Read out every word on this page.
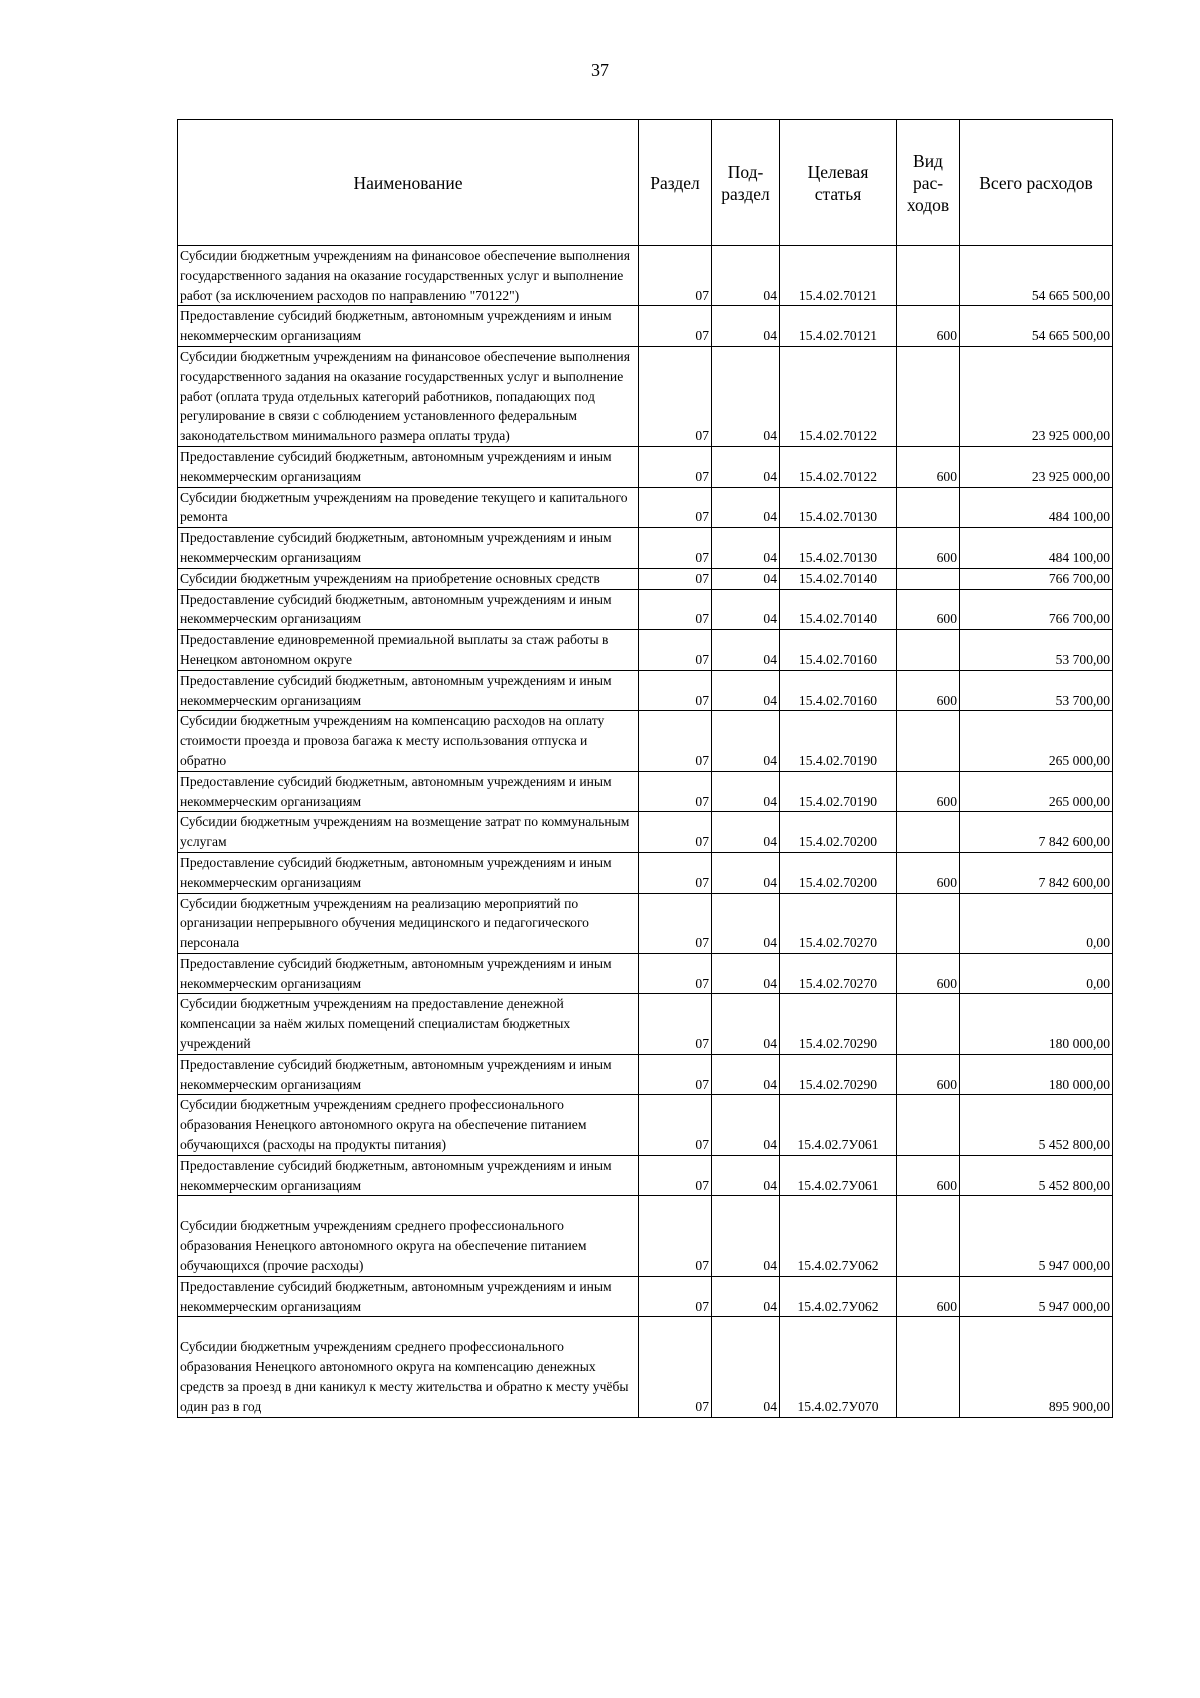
37
Наименование	Раздел	Под-раздел	Целевая статья	Вид рас-ходов	Всего расходов
Субсидии бюджетным учреждениям на финансовое обеспечение выполнения государственного задания на оказание государственных услуг и выполнение работ (за исключением расходов по направлению "70122")	07	04	15.4.02.70121		54 665 500,00
Предоставление субсидий бюджетным, автономным учреждениям и иным некоммерческим организациям	07	04	15.4.02.70121	600	54 665 500,00
Субсидии бюджетным учреждениям на финансовое обеспечение выполнения государственного задания на оказание государственных услуг и выполнение работ (оплата труда отдельных категорий работников, попадающих под регулирование в связи с соблюдением установленного федеральным законодательством минимального размера оплаты труда)	07	04	15.4.02.70122		23 925 000,00
Предоставление субсидий бюджетным, автономным учреждениям и иным некоммерческим организациям	07	04	15.4.02.70122	600	23 925 000,00
Субсидии бюджетным учреждениям на проведение текущего и капитального ремонта	07	04	15.4.02.70130		484 100,00
Предоставление субсидий бюджетным, автономным учреждениям и иным некоммерческим организациям	07	04	15.4.02.70130	600	484 100,00
Субсидии бюджетным учреждениям на приобретение основных средств	07	04	15.4.02.70140		766 700,00
Предоставление субсидий бюджетным, автономным учреждениям и иным некоммерческим организациям	07	04	15.4.02.70140	600	766 700,00
Предоставление единовременной премиальной выплаты за стаж работы в Ненецком автономном округе	07	04	15.4.02.70160		53 700,00
Предоставление субсидий бюджетным, автономным учреждениям и иным некоммерческим организациям	07	04	15.4.02.70160	600	53 700,00
Субсидии бюджетным учреждениям на компенсацию расходов на оплату стоимости проезда и провоза багажа к месту использования отпуска и обратно	07	04	15.4.02.70190		265 000,00
Предоставление субсидий бюджетным, автономным учреждениям и иным некоммерческим организациям	07	04	15.4.02.70190	600	265 000,00
Субсидии бюджетным учреждениям на возмещение затрат по коммунальным услугам	07	04	15.4.02.70200		7 842 600,00
Предоставление субсидий бюджетным, автономным учреждениям и иным некоммерческим организациям	07	04	15.4.02.70200	600	7 842 600,00
Субсидии бюджетным учреждениям на реализацию мероприятий по организации непрерывного обучения медицинского и педагогического персонала	07	04	15.4.02.70270		0,00
Предоставление субсидий бюджетным, автономным учреждениям и иным некоммерческим организациям	07	04	15.4.02.70270	600	0,00
Субсидии бюджетным учреждениям на предоставление денежной компенсации за наём жилых помещений специалистам бюджетных учреждений	07	04	15.4.02.70290		180 000,00
Предоставление субсидий бюджетным, автономным учреждениям и иным некоммерческим организациям	07	04	15.4.02.70290	600	180 000,00
Субсидии бюджетным учреждениям среднего профессионального образования Ненецкого автономного округа на обеспечение питанием обучающихся (расходы на продукты питания)	07	04	15.4.02.7У061		5 452 800,00
Предоставление субсидий бюджетным, автономным учреждениям и иным некоммерческим организациям	07	04	15.4.02.7У061	600	5 452 800,00

Субсидии бюджетным учреждениям среднего профессионального образования Ненецкого автономного округа на обеспечение питанием обучающихся (прочие расходы)	07	04	15.4.02.7У062		5 947 000,00
Предоставление субсидий бюджетным, автономным учреждениям и иным некоммерческим организациям	07	04	15.4.02.7У062	600	5 947 000,00

Субсидии бюджетным учреждениям среднего профессионального образования Ненецкого автономного округа на компенсацию денежных средств за проезд в дни каникул к месту жительства и обратно к месту учёбы один раз в год	07	04	15.4.02.7У070		895 900,00
